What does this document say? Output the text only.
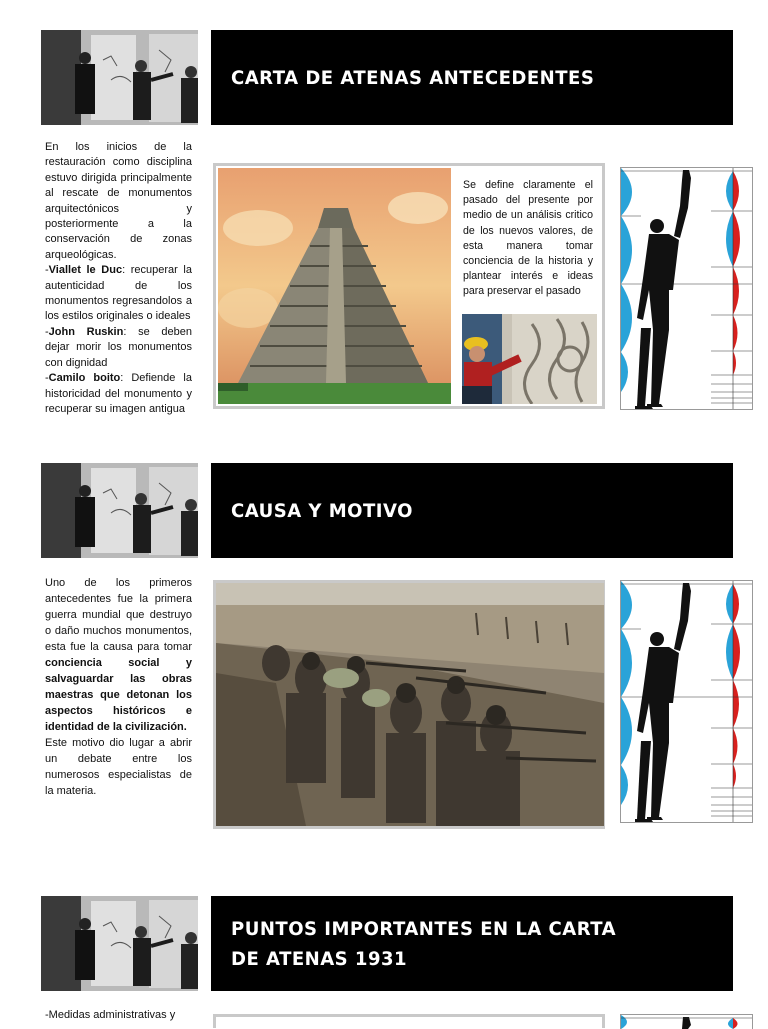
CARTA DE ATENAS ANTECEDENTES

En los inicios de la restauración como disciplina estuvo dirigida principalmente al rescate de monumentos arquitectónicos y posteriormente a la conservación de zonas arqueológicas.

-Viallet le Duc: recuperar la autenticidad de los monumentos regresandolos a los estilos originales o ideales

-John Ruskin: se deben dejar morir los monumentos con dignidad

-Camilo boito: Defiende la historicidad del monumento y recuperar su imagen antigua

Se define claramente el pasado del presente por medio de un análisis critico de los nuevos valores, de esta manera tomar conciencia de la historia y plantear interés e ideas para preservar el pasado
CAUSA Y MOTIVO

Uno de los primeros antecedentes fue la primera guerra mundial que destruyo o daño muchos monumentos, esta fue la causa para tomar conciencia social y salvaguardar las obras maestras que detonan los aspectos históricos e identidad de la civilización.

Este motivo dio lugar a abrir un debate entre los numerosos especialistas de la materia.

PUNTOS IMPORTANTES EN LA CARTA DE ATENAS 1931
-Medidas administrativas y
